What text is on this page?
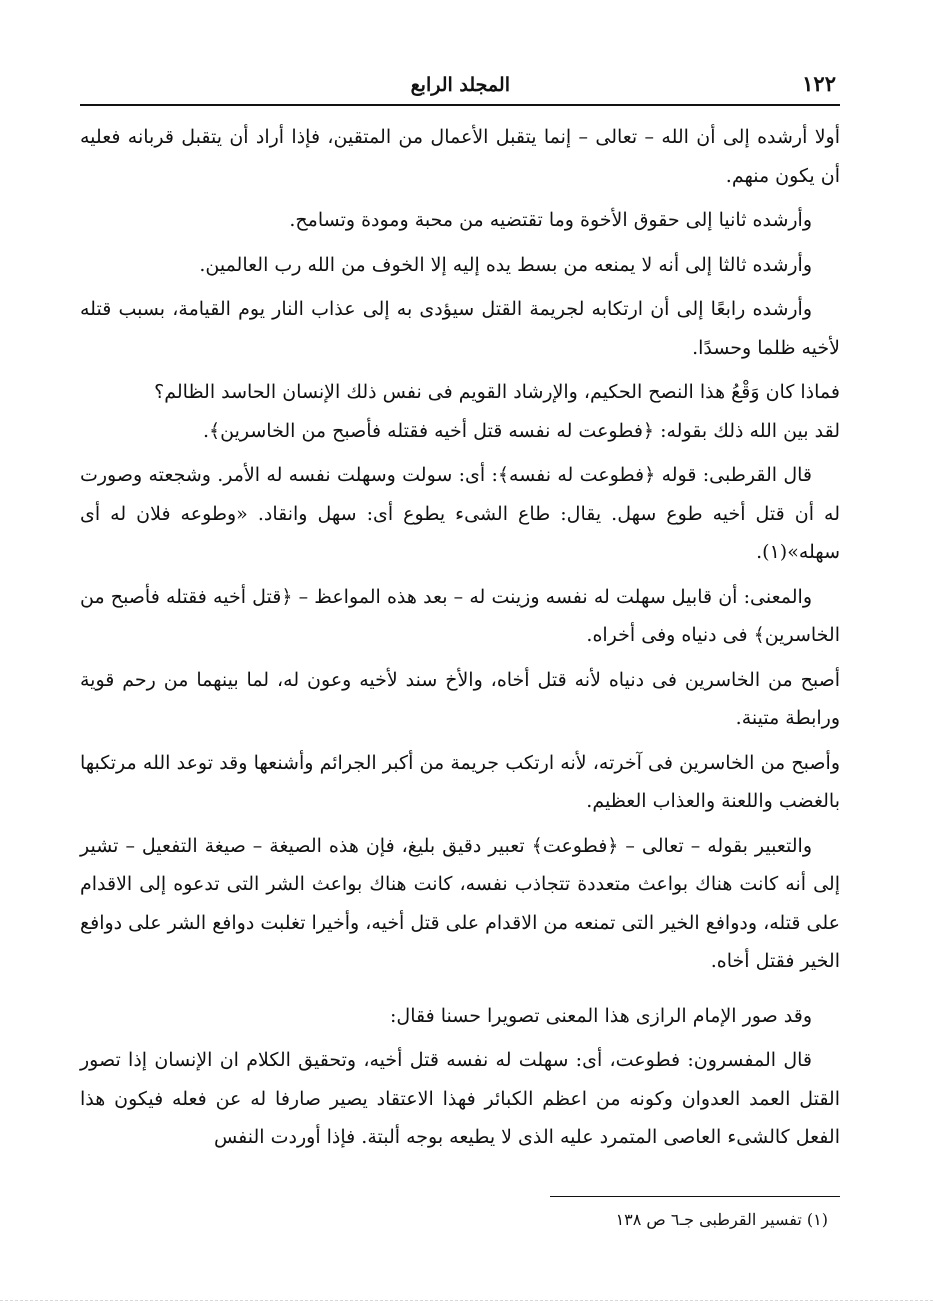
١٢٢
المجلد الرابع

أولا أرشده إلى أن الله – تعالى – إنما يتقبل الأعمال من المتقين، فإذا أراد أن يتقبل قربانه فعليه أن يكون منهم.

وأرشده ثانيا إلى حقوق الأخوة وما تقتضيه من محبة ومودة وتسامح.

وأرشده ثالثا إلى أنه لا يمنعه من بسط يده إليه إلا الخوف من الله رب العالمين.

وأرشده رابعًا إلى أن ارتكابه لجريمة القتل سيؤدى به إلى عذاب النار يوم القيامة، بسبب قتله لأخيه ظلما وحسدًا.

فماذا كان وَقْعُ هذا النصح الحكيم، والإرشاد القويم فى نفس ذلك الإنسان الحاسد الظالم؟

لقد بين الله ذلك بقوله: ﴿فطوعت له نفسه قتل أخيه فقتله فأصبح من الخاسرين﴾.

قال القرطبى: قوله ﴿فطوعت له نفسه﴾: أى: سولت وسهلت نفسه له الأمر. وشجعته وصورت له أن قتل أخيه طوع سهل. يقال: طاع الشىء يطوع أى: سهل وانقاد. «وطوعه فلان له أى سهله»(١).

والمعنى: أن قابيل سهلت له نفسه وزينت له – بعد هذه المواعظ – ﴿قتل أخيه فقتله فأصبح من الخاسرين﴾ فى دنياه وفى أخراه.

أصبح من الخاسرين فى دنياه لأنه قتل أخاه، والأخ سند لأخيه وعون له، لما بينهما من رحم قوية ورابطة متينة.

وأصبح من الخاسرين فى آخرته، لأنه ارتكب جريمة من أكبر الجرائم وأشنعها وقد توعد الله مرتكبها بالغضب واللعنة والعذاب العظيم.

والتعبير بقوله – تعالى – ﴿فطوعت﴾ تعبير دقيق بليغ، فإن هذه الصيغة – صيغة التفعيل – تشير إلى أنه كانت هناك بواعث متعددة تتجاذب نفسه، كانت هناك بواعث الشر التى تدعوه إلى الاقدام على قتله، ودوافع الخير التى تمنعه من الاقدام على قتل أخيه، وأخيرا تغلبت دوافع الشر على دوافع الخير فقتل أخاه.

وقد صور الإمام الرازى هذا المعنى تصويرا حسنا فقال:

قال المفسرون: فطوعت، أى: سهلت له نفسه قتل أخيه، وتحقيق الكلام ان الإنسان إذا تصور القتل العمد العدوان وكونه من اعظم الكبائر فهذا الاعتقاد يصير صارفا له عن فعله فيكون هذا الفعل كالشىء العاصى المتمرد عليه الذى لا يطيعه بوجه ألبتة. فإذا أوردت النفس

(١) تفسير القرطبى جـ٦ ص ١٣٨
